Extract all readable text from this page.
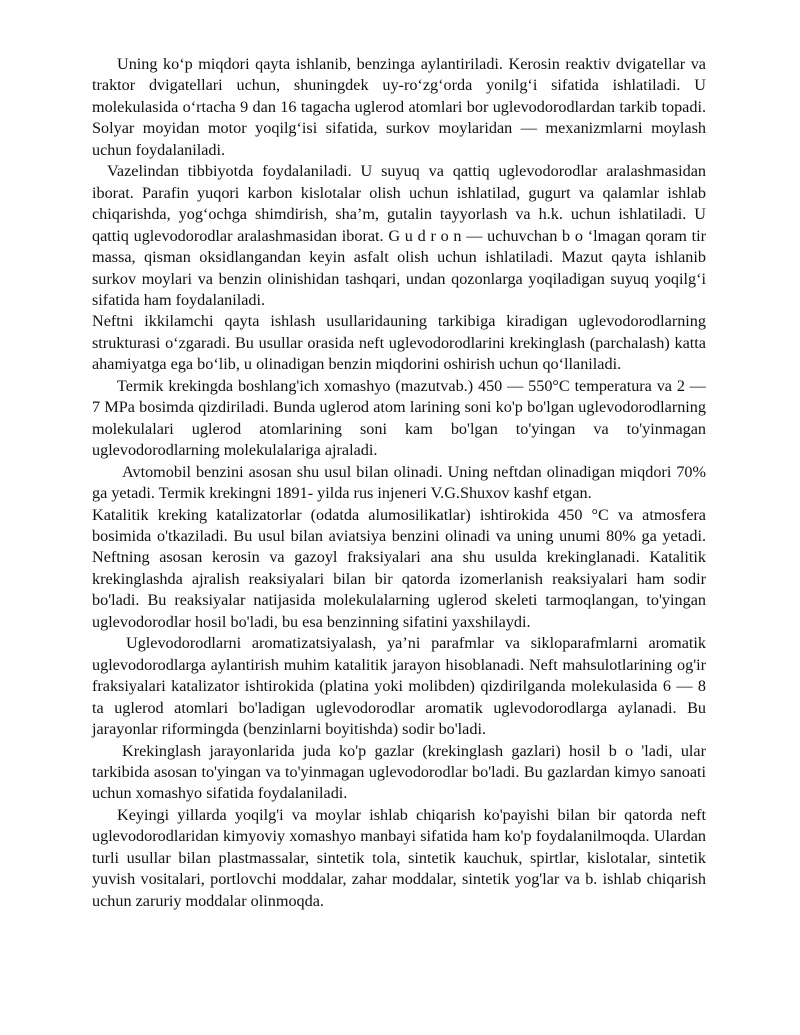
Uning koʻp miqdori qayta ishlanib, benzinga aylantiriladi. Kerosin reaktiv dvigatellar va traktor dvigatellari uchun, shuningdek uy-roʻzgʻorda yonilgʻi sifatida ishlatiladi. U molekulasida oʻrtacha 9 dan 16 tagacha uglerod atomlari bor uglevodorodlardan tarkib topadi. Solyar moyidan motor yoqilgʻisi sifatida, surkov moylaridan — mexanizmlarni moylash uchun foydalaniladi.

Vazelindan tibbiyotda foydalaniladi. U suyuq va qattiq uglevodorodlar aralashmasidan iborat. Parafin yuqori karbon kislotalar olish uchun ishlatilad, gugurt va qalamlar ishlab chiqarishda, yogʻochga shimdirish, shaʼm, gutalin tayyorlash va h.k. uchun ishlatiladi. U qattiq uglevodorodlar aralashmasidan iborat. G u d r o n — uchuvchan b o ʻlmagan qoram tir massa, qisman oksidlangandan keyin asfalt olish uchun ishlatiladi. Mazut qayta ishlanib surkov moylari va benzin olinishidan tashqari, undan qozonlarga yoqiladigan suyuq yoqilgʻi sifatida ham foydalaniladi.

Neftni ikkilamchi qayta ishlash usullaridauning tarkibiga kiradigan uglevodorodlarning strukturasi oʻzgaradi. Bu usullar orasida neft uglevodorodlarini krekinglash (parchalash) katta ahamiyatga ega boʻlib, u olinadigan benzin miqdorini oshirish uchun qoʻllaniladi.

Termik krekingda boshlang'ich xomashyo (mazutvab.) 450 — 550°C temperatura va 2 — 7 MPa bosimda qizdiriladi. Bunda uglerod atom larining soni ko'p bo'lgan uglevodorodlarning molekulalari uglerod atomlarining soni kam bo'lgan to'yingan va to'yinmagan uglevodorodlarning molekulalariga ajraladi.

Avtomobil benzini asosan shu usul bilan olinadi. Uning neftdan olinadigan miqdori 70% ga yetadi. Termik krekingni 1891- yilda rus injeneri V.G.Shuxov kashf etgan.

Katalitik kreking katalizatorlar (odatda alumosilikatlar) ishtirokida 450 °C va atmosfera bosimida o'tkaziladi. Bu usul bilan aviatsiya benzini olinadi va uning unumi 80% ga yetadi. Neftning asosan kerosin va gazoyl fraksiyalari ana shu usulda krekinglanadi. Katalitik krekinglashda ajralish reaksiyalari bilan bir qatorda izomerlanish reaksiyalari ham sodir bo'ladi. Bu reaksiyalar natijasida molekulalarning uglerod skeleti tarmoqlangan, to'yingan uglevodorodlar hosil bo'ladi, bu esa benzinning sifatini yaxshilaydi.

Uglevodorodlarni aromatizatsiyalash, yaʼni parafmlar va sikloparafmlarni aromatik uglevodorodlarga aylantirish muhim katalitik jarayon hisoblanadi. Neft mahsulotlarining og'ir fraksiyalari katalizator ishtirokida (platina yoki molibden) qizdirilganda molekulasida 6 — 8 ta uglerod atomlari bo'ladigan uglevodorodlar aromatik uglevodorodlarga aylanadi. Bu jarayonlar riformingda (benzinlarni boyitishda) sodir bo'ladi.

Krekinglash jarayonlarida juda ko'p gazlar (krekinglash gazlari) hosil b o 'ladi, ular tarkibida asosan to'yingan va to'yinmagan uglevodorodlar bo'ladi. Bu gazlardan kimyo sanoati uchun xomashyo sifatida foydalaniladi.

Keyingi yillarda yoqilg'i va moylar ishlab chiqarish ko'payishi bilan bir qatorda neft uglevodorodlaridan kimyoviy xomashyo manbayi sifatida ham ko'p foydalanilmoqda. Ulardan turli usullar bilan plastmassalar, sintetik tola, sintetik kauchuk, spirtlar, kislotalar, sintetik yuvish vositalari, portlovchi moddalar, zahar moddalar, sintetik yog'lar va b. ishlab chiqarish uchun zaruriy moddalar olinmoqda.
